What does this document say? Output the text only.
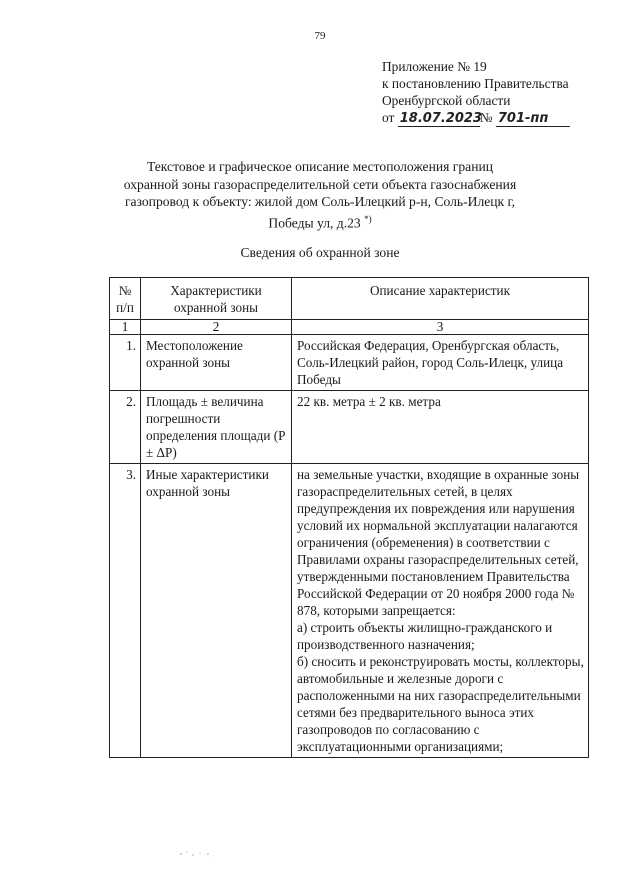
79
Приложение № 19
к постановлению Правительства
Оренбургской области
от 18.07.2023№ 701-пп
Текстовое и графическое описание местоположения границ
охранной зоны газораспределительной сети объекта газоснабжения
газопровод к объекту: жилой дом Соль-Илецкий р-н, Соль-Илецк г,
Победы ул, д.23 *)
Сведения об охранной зоне
№ п/п	Характеристики охранной зоны	Описание характеристик
1	2	3
1.	Местоположение охранной зоны	Российская Федерация, Оренбургская область, Соль-Илецкий район, город Соль-Илецк, улица Победы
2.	Площадь ± величина погрешности определения площади (P ± ΔP)	22 кв. метра ± 2 кв. метра
3.	Иные характеристики охранной зоны	на земельные участки, входящие в охранные зоны газораспределительных сетей, в целях предупреждения их повреждения или нарушения условий их нормальной эксплуатации налагаются ограничения (обременения) в соответствии с Правилами охраны газораспределительных сетей, утвержденными постановлением Правительства Российской Федерации от 20 ноября 2000 года № 878, которыми запрещается:
а) строить объекты жилищно-гражданского и производственного назначения;
б) сносить и реконструировать мосты, коллекторы, автомобильные и железные дороги с расположенными на них газораспределительными сетями без предварительного выноса этих газопроводов по согласованию с эксплуатационными организациями;
